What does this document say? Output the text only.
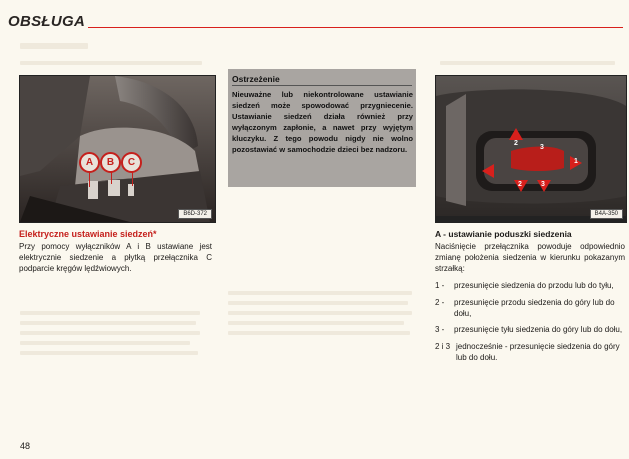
OBSŁUGA
A	B	C
B6D-372
Elektryczne ustawianie siedzeń*
Przy pomocy wyłączników A i B ustawiane jest elektrycznie siedzenie a płytką przełącznika C podparcie kręgów lędźwiowych.
Ostrzeżenie
Nieuważne lub niekontrolowane ustawianie siedzeń może spowodować przygniecenie. Ustawianie siedzeń działa również przy wyłączonym zapłonie, a nawet przy wyjętym kluczyku. Z tego powodu nigdy nie wolno pozostawiać w samochodzie dzieci bez nadzoru.
1
2
3
1
2	3
B4A-350
A - ustawianie poduszki siedzenia
Naciśnięcie przełącznika powoduje odpowiednio zmianę położenia siedzenia w kierunku pokazanym strzałką:
1 -	przesunięcie siedzenia do przodu lub do tyłu,
2 -	przesunięcie przodu siedzenia do góry lub do dołu,
3 -	przesunięcie tyłu siedzenia do góry lub do dołu,
2 i 3 jednocześnie - przesunięcie siedzenia do góry lub do dołu.
48
